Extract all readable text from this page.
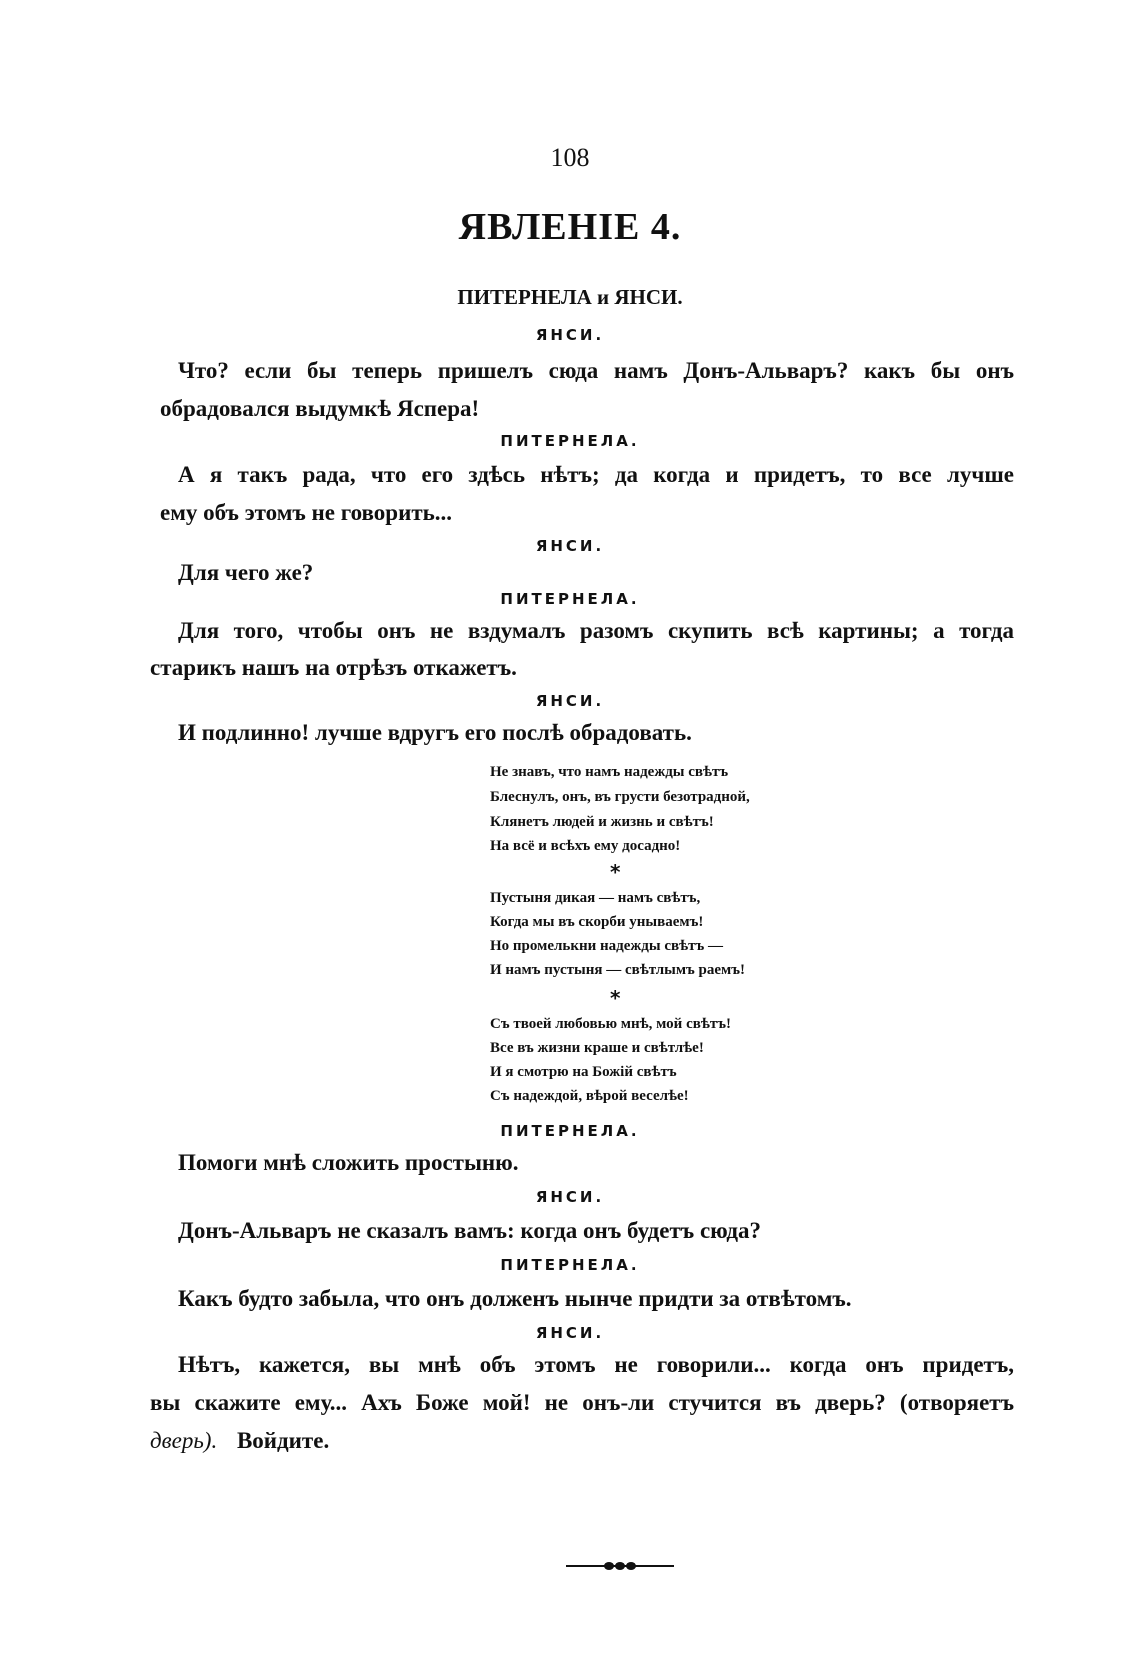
108
ЯВЛЕНІЕ 4.
ПИТЕРНЕЛА и ЯНСИ.
ЯНСИ.
Что? если бы теперь пришелъ сюда намъ Донъ-Альваръ? какъ бы онъ
обрадовался выдумкѣ Яспера!
ПИТЕРНЕЛА.
А я такъ рада, что его здѣсь нѣтъ; да когда и придетъ, то все лучше
ему объ этомъ не говорить...
ЯНСИ.
Для чего же?
ПИТЕРНЕЛА.
Для того, чтобы онъ не вздумалъ разомъ скупить всѣ картины; а тогда
старикъ нашъ на отрѣзъ откажетъ.
ЯНСИ.
И подлинно! лучше вдругъ его послѣ обрадовать.
Не знавъ, что намъ надежды свѣтъ
Блеснулъ, онъ, въ грусти безотрадной,
Клянетъ людей и жизнь и свѣтъ!
На всё и всѣхъ ему досадно!
*
Пустыня дикая — намъ свѣтъ,
Когда мы въ скорби унываемъ!
Но промелькни надежды свѣтъ —
И намъ пустыня — свѣтлымъ раемъ!
*
Съ твоей любовью мнѣ, мой свѣтъ!
Все въ жизни краше и свѣтлѣе!
И я смотрю на Божій свѣтъ
Съ надеждой, вѣрой веселѣе!
ПИТЕРНЕЛА.
Помоги мнѣ сложить простыню.
ЯНСИ.
Донъ-Альваръ не сказалъ вамъ: когда онъ будетъ сюда?
ПИТЕРНЕЛА.
Какъ будто забыла, что онъ долженъ нынче придти за отвѣтомъ.
ЯНСИ.
Нѣтъ, кажется, вы мнѣ объ этомъ не говорили... когда онъ придетъ,
вы скажите ему... Ахъ Боже мой! не онъ-ли стучится въ дверь? (отворяетъ
дверь). Войдите.
